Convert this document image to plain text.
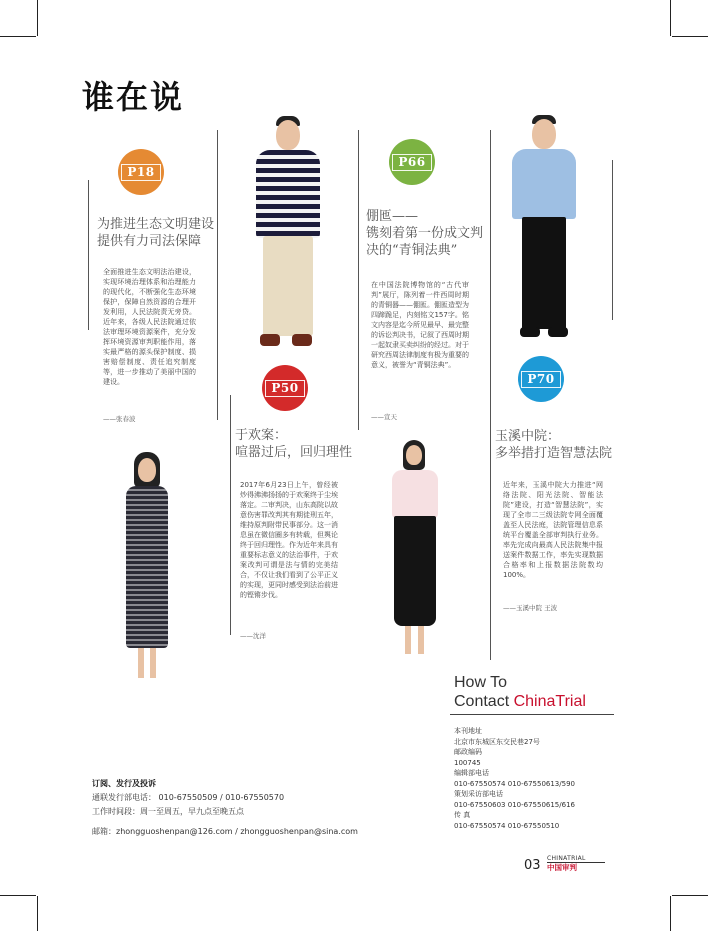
谁在说
P18
为推进生态文明建设
提供有力司法保障
全面推进生态文明法治建设，实现环境治理体系和治理能力的现代化，不断强化生态环境保护，保障自然资源的合理开发利用，人民法院责无旁贷。近年来，各级人民法院通过依法审理环境资源案件，充分发挥环境资源审判职能作用，落实最严格的源头保护制度、损害赔偿制度、责任追究制度等，进一步推动了美丽中国的建设。
——张春波
P50
于欢案：
喧嚣过后，回归理性
2017年6月23日上午，曾经被炒得沸沸扬扬的于欢案终于尘埃落定。二审判决，山东高院以故意伤害罪改判其有期徒刑五年，维持原判附带民事部分。这一消息虽在微信圈多有转载，但舆论终于回归理性。作为近年来具有重要标志意义的法治事件，于欢案改判可谓是法与情的完美结合，不仅让我们看到了公平正义的实现，更同时感受到法治前进的铿锵步伐。
——沈洋
P66
倗匜——
镌刻着第一份成文判
决的“青铜法典”
在中国法院博物馆的“古代审判”展厅，陈列着一件西周时期的青铜器——倗匜。倗匜造型为四蹄跪足，内刻铭文157字。铭文内容是迄今所见最早、最完整的诉讼判决书，记叙了西周时期一起奴隶买卖纠纷的经过。对于研究西周法律制度有极为重要的意义，被誉为“青铜法典”。
——宣天
P70
玉溪中院：
多举措打造智慧法院
近年来，玉溪中院大力推进“网络法院、阳光法院、智能法院”建设，打造“智慧法院”，实现了全市二三级法院专网全面覆盖至人民法庭，法院管理信息系统平台覆盖全部审判执行业务。率先完成向最高人民法院集中报送案件数据工作，率先实现数据合格率和上报数据法院数均100%。
——玉溪中院 王波
How To
Contact ChinaTrial
本刊地址
北京市东城区东交民巷27号
邮政编码
100745
编辑部电话
010-67550574 010-67550613/590
策划采访部电话
010-67550603 010-67550615/616
传 真
010-67550574 010-67550510
订阅、发行及投诉
通联发行部电话： 010-67550509 / 010-67550570
工作时间段：周一至周五，早九点至晚五点
邮箱：zhongguoshenpan@126.com / zhongguoshenpan@sina.com
03 CHINATRIAL
中国审判
